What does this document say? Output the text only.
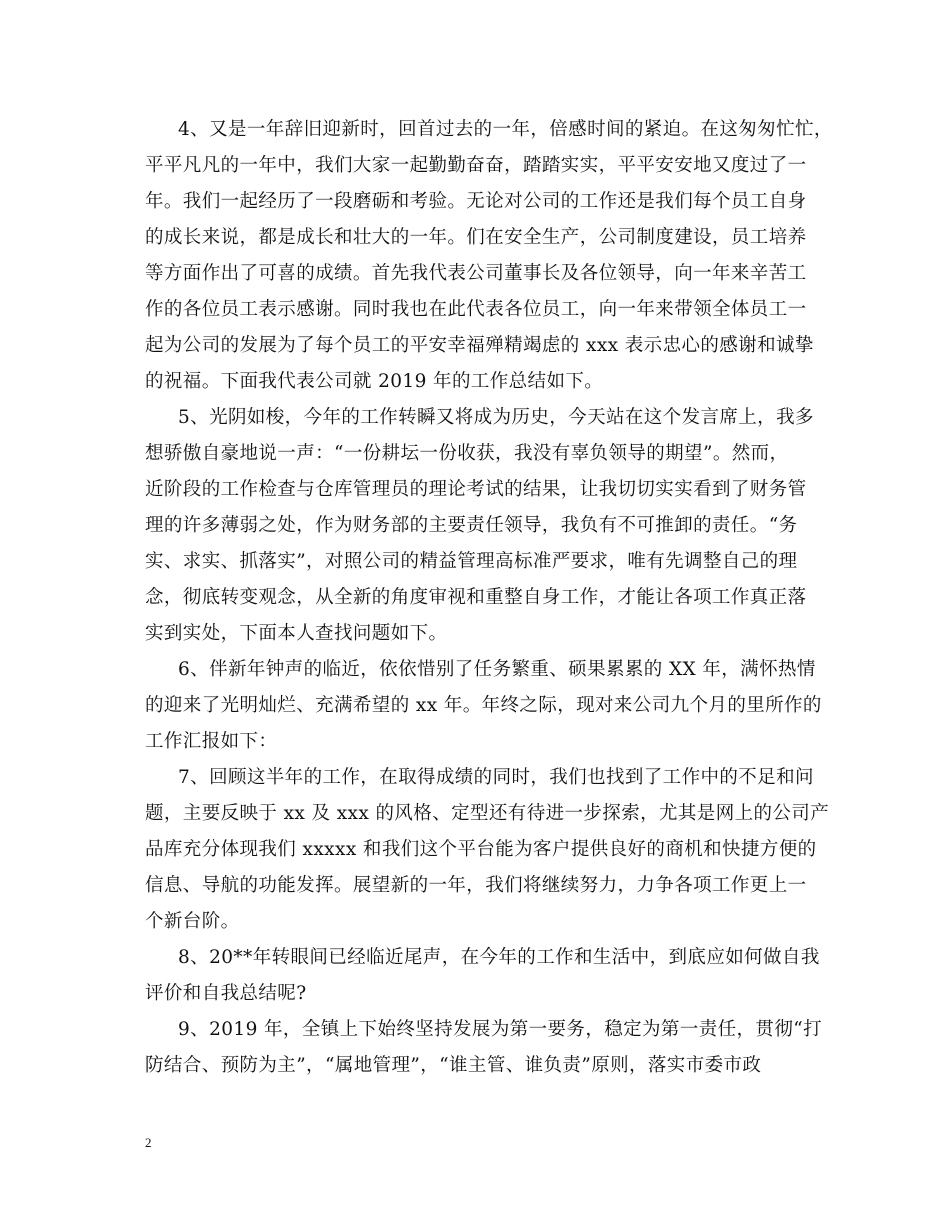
4、又是一年辞旧迎新时，回首过去的一年，倍感时间的紧迫。在这匆匆忙忙，
平平凡凡的一年中，我们大家一起勤勤奋奋，踏踏实实，平平安安地又度过了一
年。我们一起经历了一段磨砺和考验。无论对公司的工作还是我们每个员工自身
的成长来说，都是成长和壮大的一年。们在安全生产，公司制度建设，员工培养
等方面作出了可喜的成绩。首先我代表公司董事长及各位领导，向一年来辛苦工
作的各位员工表示感谢。同时我也在此代表各位员工，向一年来带领全体员工一
起为公司的发展为了每个员工的平安幸福殚精竭虑的 xxx 表示忠心的感谢和诚挚
的祝福。下面我代表公司就 2019 年的工作总结如下。
5、光阴如梭，今年的工作转瞬又将成为历史，今天站在这个发言席上，我多
想骄傲自豪地说一声：“一份耕坛一份收获，我没有辜负领导的期望”。然而，
近阶段的工作检查与仓库管理员的理论考试的结果，让我切切实实看到了财务管
理的许多薄弱之处，作为财务部的主要责任领导，我负有不可推卸的责任。“务
实、求实、抓落实”，对照公司的精益管理高标准严要求，唯有先调整自己的理
念，彻底转变观念，从全新的角度审视和重整自身工作，才能让各项工作真正落
实到实处，下面本人查找问题如下。
6、伴新年钟声的临近，依依惜别了任务繁重、硕果累累的 XX 年，满怀热情
的迎来了光明灿烂、充满希望的 xx 年。年终之际，现对来公司九个月的里所作的
工作汇报如下：
7、回顾这半年的工作，在取得成绩的同时，我们也找到了工作中的不足和问
题，主要反映于 xx 及 xxx 的风格、定型还有待进一步探索，尤其是网上的公司产
品库充分体现我们 xxxxx 和我们这个平台能为客户提供良好的商机和快捷方便的
信息、导航的功能发挥。展望新的一年，我们将继续努力，力争各项工作更上一
个新台阶。
8、20**年转眼间已经临近尾声，在今年的工作和生活中，到底应如何做自我
评价和自我总结呢?
9、2019 年，全镇上下始终坚持发展为第一要务，稳定为第一责任，贯彻“打
防结合、预防为主”，“属地管理”，“谁主管、谁负责”原则，落实市委市政
2
